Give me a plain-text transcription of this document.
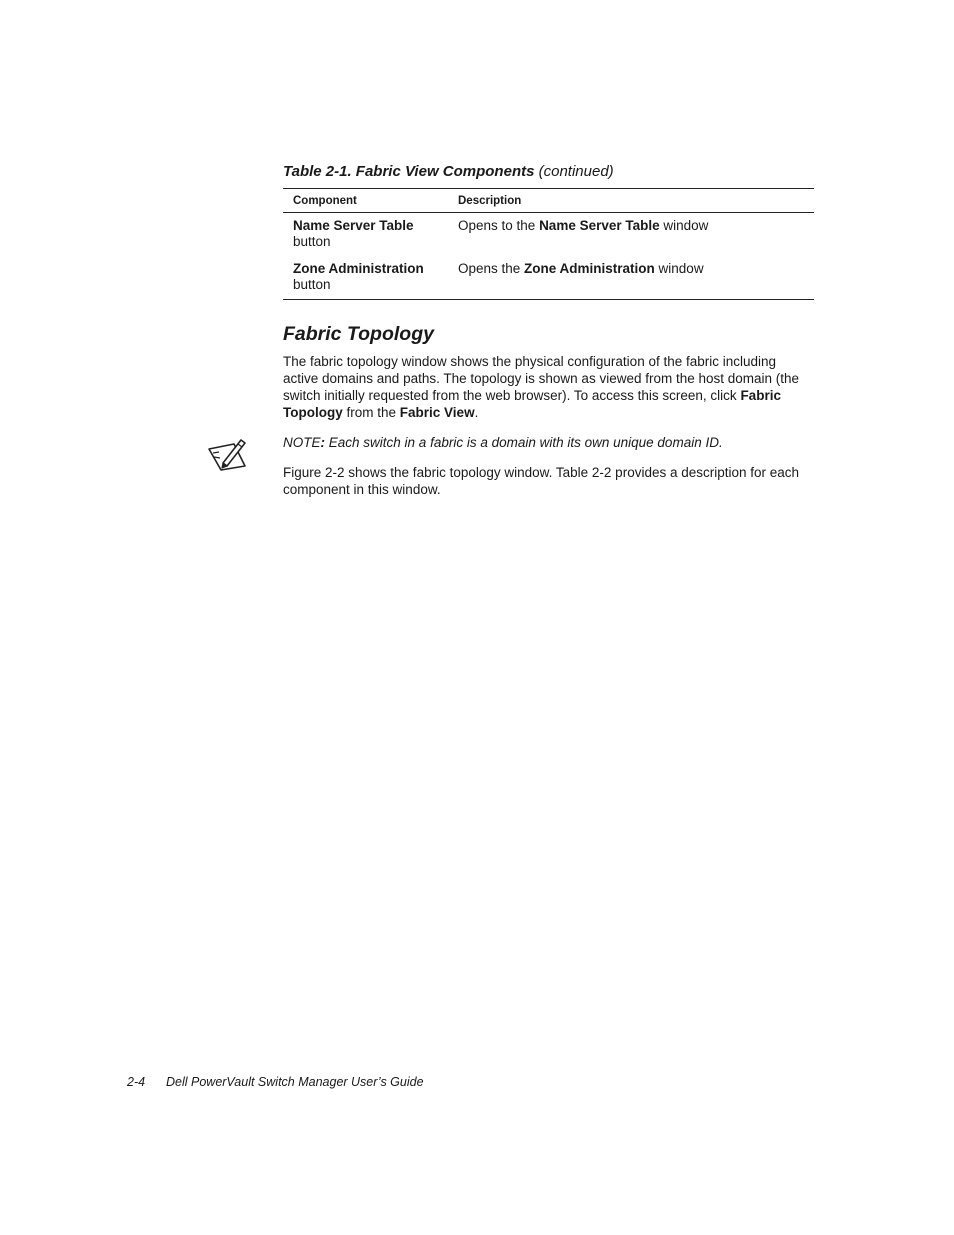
Table 2-1. Fabric View Components (continued)
Component	Description
Name Server Table
button	Opens to the Name Server Table window
Zone Administration
button	Opens the Zone Administration window
Fabric Topology

The fabric topology window shows the physical configuration of the fabric including active domains and paths. The topology is shown as viewed from the host domain (the switch initially requested from the web browser). To access this screen, click Fabric Topology from the Fabric View.

NOTE: Each switch in a fabric is a domain with its own unique domain ID.

Figure 2-2 shows the fabric topology window. Table 2-2 provides a description for each component in this window.

2-4 Dell PowerVault Switch Manager User’s Guide
